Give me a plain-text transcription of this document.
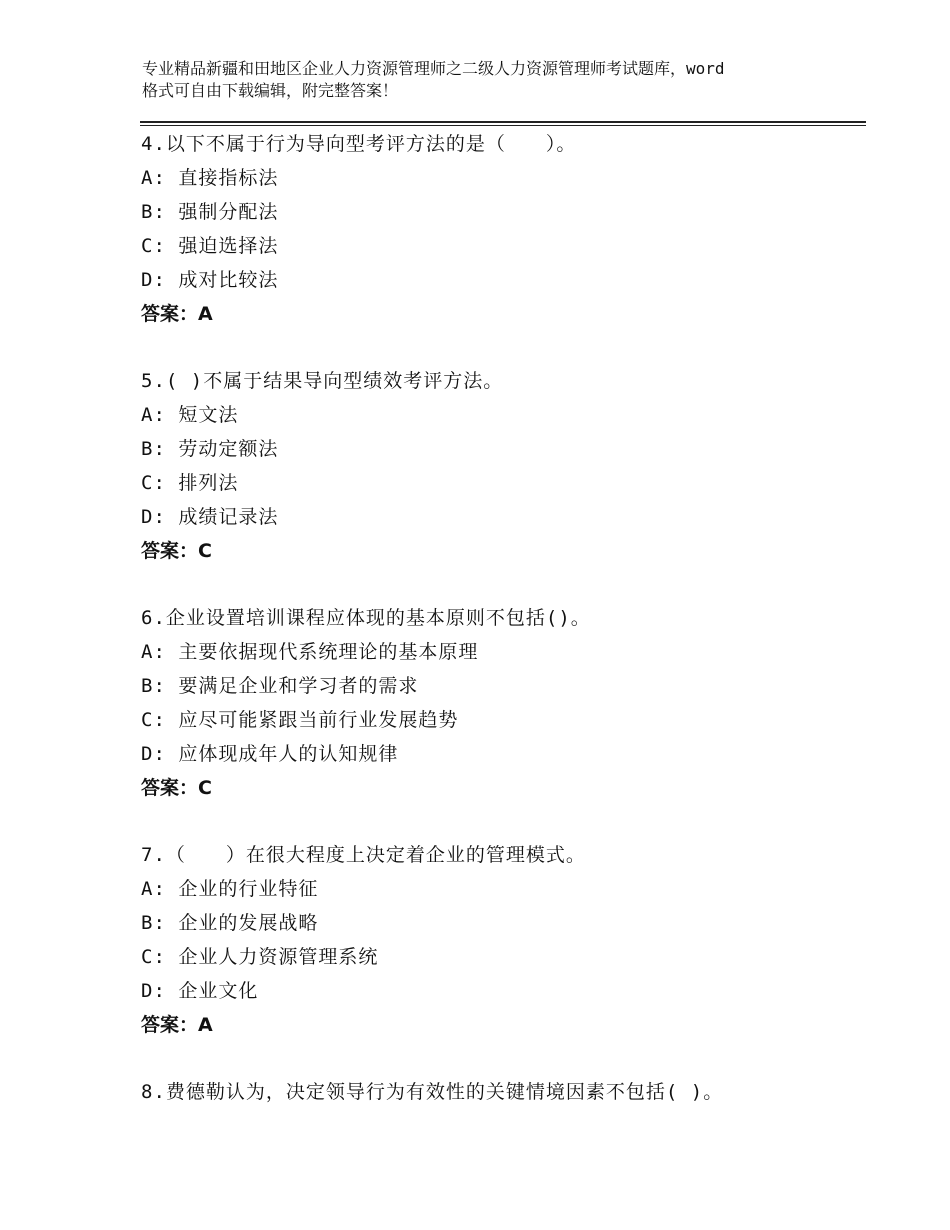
专业精品新疆和田地区企业人力资源管理师之二级人力资源管理师考试题库，word
格式可自由下载编辑，附完整答案！
4.以下不属于行为导向型考评方法的是（　　）。
A: 直接指标法
B: 强制分配法
C: 强迫选择法
D: 成对比较法
答案：A
5.( )不属于结果导向型绩效考评方法。
A: 短文法
B: 劳动定额法
C: 排列法
D: 成绩记录法
答案：C
6.企业设置培训课程应体现的基本原则不包括()。
A: 主要依据现代系统理论的基本原理
B: 要满足企业和学习者的需求
C: 应尽可能紧跟当前行业发展趋势
D: 应体现成年人的认知规律
答案：C
7.（　　）在很大程度上决定着企业的管理模式。
A: 企业的行业特征
B: 企业的发展战略
C: 企业人力资源管理系统
D: 企业文化
答案：A
8.费德勒认为，决定领导行为有效性的关键情境因素不包括( )。
